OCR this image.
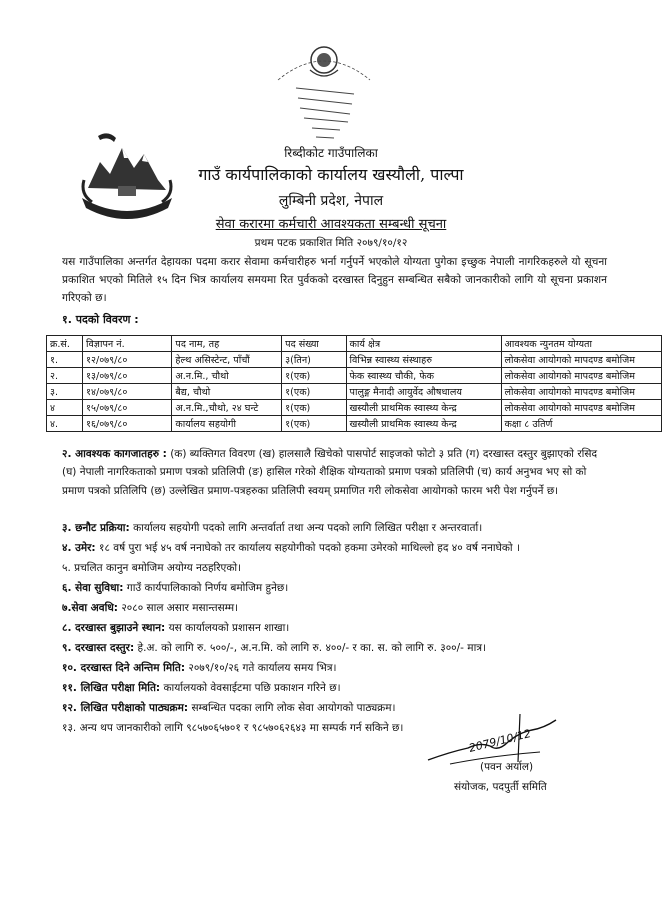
रिब्दीकोट गाउँपालिका
गाउँ कार्यपालिकाको कार्यालय खस्यौली, पाल्पा
लुम्बिनी प्रदेश, नेपाल
सेवा करारमा कर्मचारी आवश्यकता सम्बन्धी सूचना
प्रथम पटक प्रकाशित मिति २०७९/१०/१२
यस गाउँपालिका अन्तर्गत देहायका पदमा करार सेवामा कर्मचारीहरु भर्ना गर्नुपर्ने भएकोले योग्यता पुगेका इच्छुक नेपाली नागरिकहरुले यो सूचना प्रकाशित भएको मितिले १५ दिन भित्र कार्यालय समयमा रित पुर्वकको दरखास्त दिनुहुन सम्बन्धित सबैको जानकारीको लागि यो सूचना प्रकाशन गरिएको छ।
१. पदको विवरण :
क्र.सं.	विज्ञापन नं.	पद नाम, तह	पद संख्या	कार्य क्षेत्र	आवश्यक न्युनतम योग्यता
१.	१२/०७९/८०	हेल्थ असिस्टेन्ट, पाँचौं	३(तिन)	विभिन्न स्वास्थ्य संस्थाहरु	लोकसेवा आयोगको मापदण्ड बमोजिम
२.	१३/०७९/८०	अ.न.मि., चौथो	१(एक)	फेक स्वास्थ्य चौकी, फेक	लोकसेवा आयोगको मापदण्ड बमोजिम
३.	१४/०७९/८०	बैद्य, चौथो	१(एक)	पालुङ्ग मैनादी आयुर्वेद औषधालय	लोकसेवा आयोगको मापदण्ड बमोजिम
४	१५/०७९/८०	अ.न.मि.,चौथो, २४ घन्टे	१(एक)	खस्यौली प्राथमिक स्वास्थ्य केन्द्र	लोकसेवा आयोगको मापदण्ड बमोजिम
४.	१६/०७९/८०	कार्यालय सहयोगी	१(एक)	खस्यौली प्राथमिक स्वास्थ्य केन्द्र	कक्षा ८ उतिर्ण
२. आवश्यक कागजातहरु : (क) ब्यक्तिगत विवरण (ख) हालसालै खिचेको पासपोर्ट साइजको फोटो ३ प्रति (ग) दरखास्त दस्तुर बुझाएको रसिद (घ) नेपाली नागरिकताको प्रमाण पत्रको प्रतिलिपी (ङ) हासिल गरेको शैक्षिक योग्यताको प्रमाण पत्रको प्रतिलिपी (च) कार्य अनुभव भए सो को प्रमाण पत्रको प्रतिलिपि (छ) उल्लेखित प्रमाण-पत्रहरुका प्रतिलिपी स्वयम् प्रमाणित गरी लोकसेवा आयोगको फारम भरी पेश गर्नुपर्ने छ।
३. छनौट प्रक्रिया: कार्यालय सहयोगी पदको लागि अन्तर्वार्ता तथा अन्य पदको लागि लिखित परीक्षा र अन्तरवार्ता।
४. उमेर: १८ वर्ष पुरा भई ४५ वर्ष ननाघेको तर कार्यालय सहयोगीको पदको हकमा उमेरको माथिल्लो हद ४० वर्ष ननाघेको ।
५. प्रचलित कानुन बमोजिम अयोग्य नठहरिएको।
६. सेवा सुविधा: गाउँ कार्यपालिकाको निर्णय बमोजिम हुनेछ।
७.सेवा अवधि: २०८० साल असार मसान्तसम्म।
८. दरखास्त बुझाउने स्थान: यस कार्यालयको प्रशासन शाखा।
९. दरखास्त दस्तुर: हे.अ. को लागि रु. ५००/-, अ.न.मि. को लागि रु. ४००/- र का. स. को लागि रु. ३००/- मात्र।
१०. दरखास्त दिने अन्तिम मिति: २०७९/१०/२६ गते कार्यालय समय भित्र।
११. लिखित परीक्षा मिति: कार्यालयको वेवसाईटमा पछि प्रकाशन गरिने छ।
१२. लिखित परीक्षाको पाठ्यक्रम: सम्बन्धित पदका लागि लोक सेवा आयोगको पाठ्यक्रम।
१३. अन्य थप जानकारीको लागि ९८५७०६५७०१ र ९८५७०६२६४३ मा सम्पर्क गर्न सकिने छ।	2079/10/12
(पवन अर्याल)
संयोजक, पदपुर्ती समिति
